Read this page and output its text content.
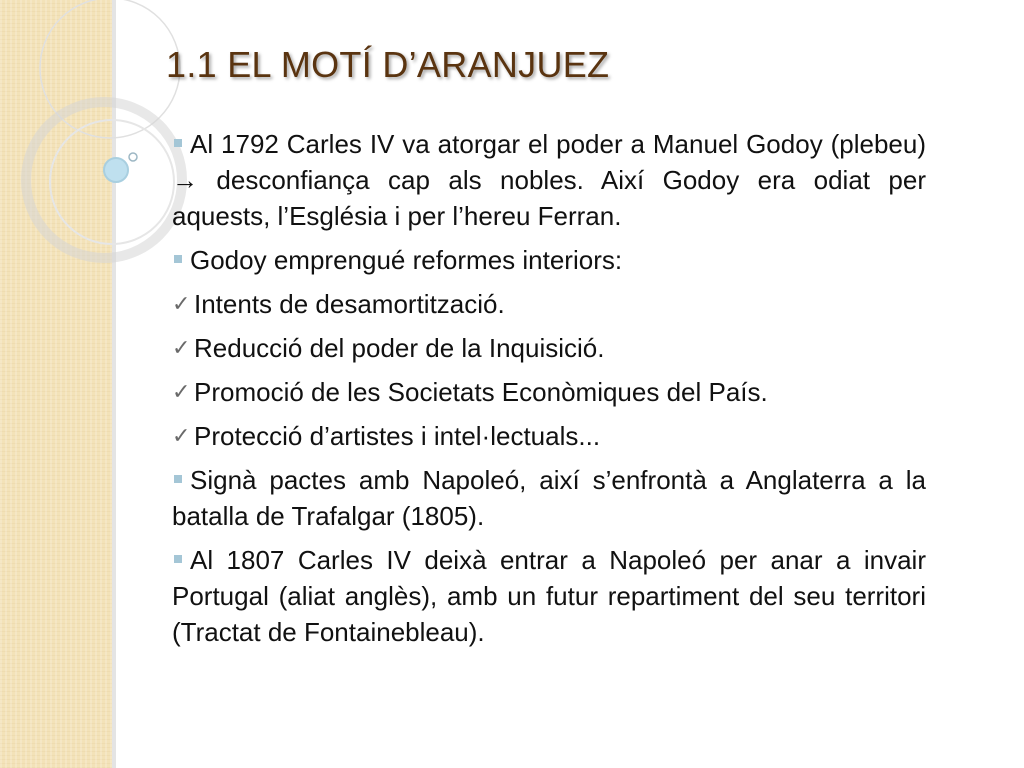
1.1 EL MOTÍ D’ARANJUEZ
Al 1792 Carles IV va atorgar el poder a Manuel Godoy (plebeu) → desconfiança cap als nobles. Així Godoy era odiat per aquests, l’Església i per l’hereu Ferran.
Godoy emprengué reformes interiors:
✓ Intents de desamortització.
✓ Reducció del poder de la Inquisició.
✓ Promoció de les Societats Econòmiques del País.
✓ Protecció d’artistes i intel·lectuals...
Signà pactes amb Napoleó, així s’enfrontà a Anglaterra a la batalla de Trafalgar (1805).
Al 1807 Carles IV deixà entrar a Napoleó per anar a invair Portugal (aliat anglès), amb un futur repartiment del seu territori (Tractat de Fontainebleau).
